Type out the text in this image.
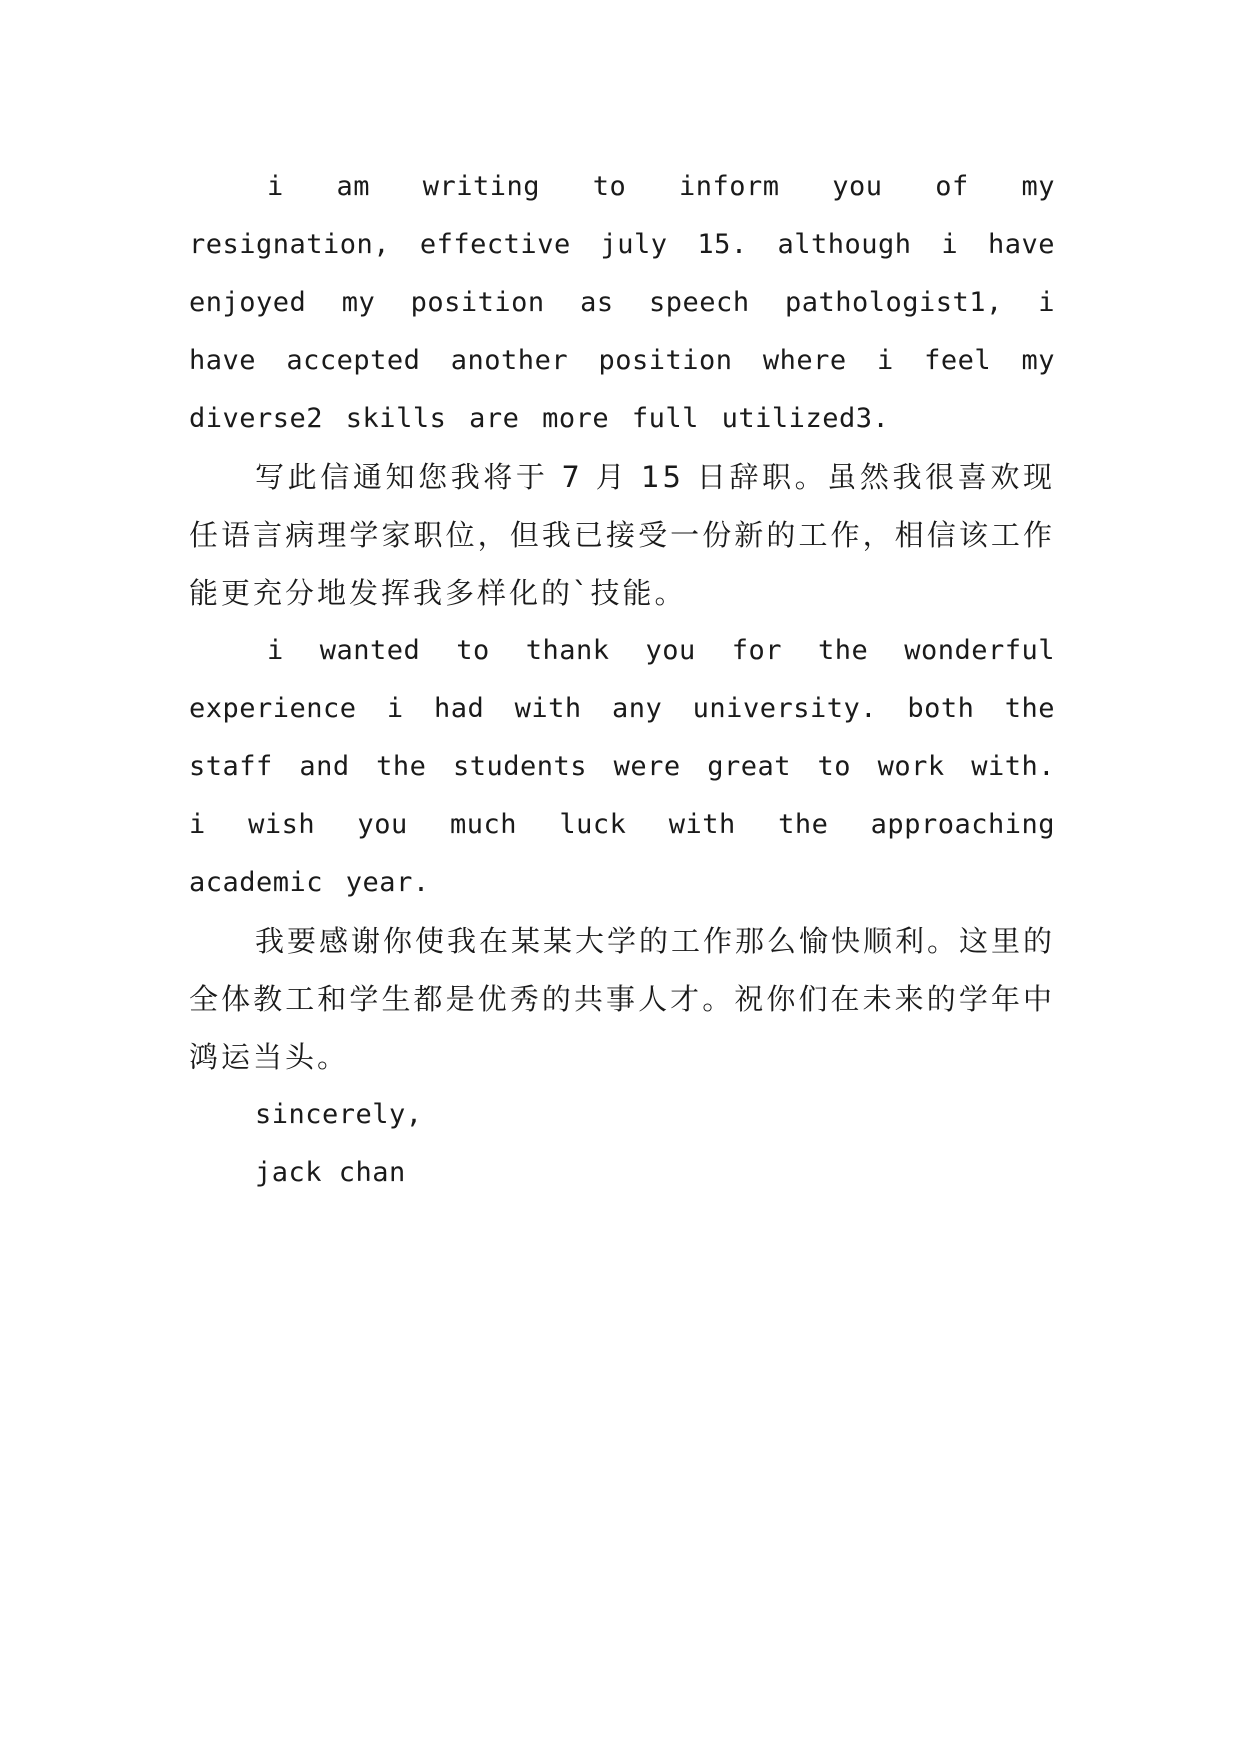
i am writing to inform you of my resignation, effective july 15. although i have enjoyed my position as speech pathologist1, i have accepted another position where i feel my diverse2 skills are more full utilized3.

写此信通知您我将于 7 月 15 日辞职。虽然我很喜欢现任语言病理学家职位，但我已接受一份新的工作，相信该工作能更充分地发挥我多样化的`技能。

i wanted to thank you for the wonderful experience i had with any university. both the staff and the students were great to work with. i wish you much luck with the approaching academic year.

我要感谢你使我在某某大学的工作那么愉快顺利。这里的全体教工和学生都是优秀的共事人才。祝你们在未来的学年中鸿运当头。

sincerely,

jack chan
